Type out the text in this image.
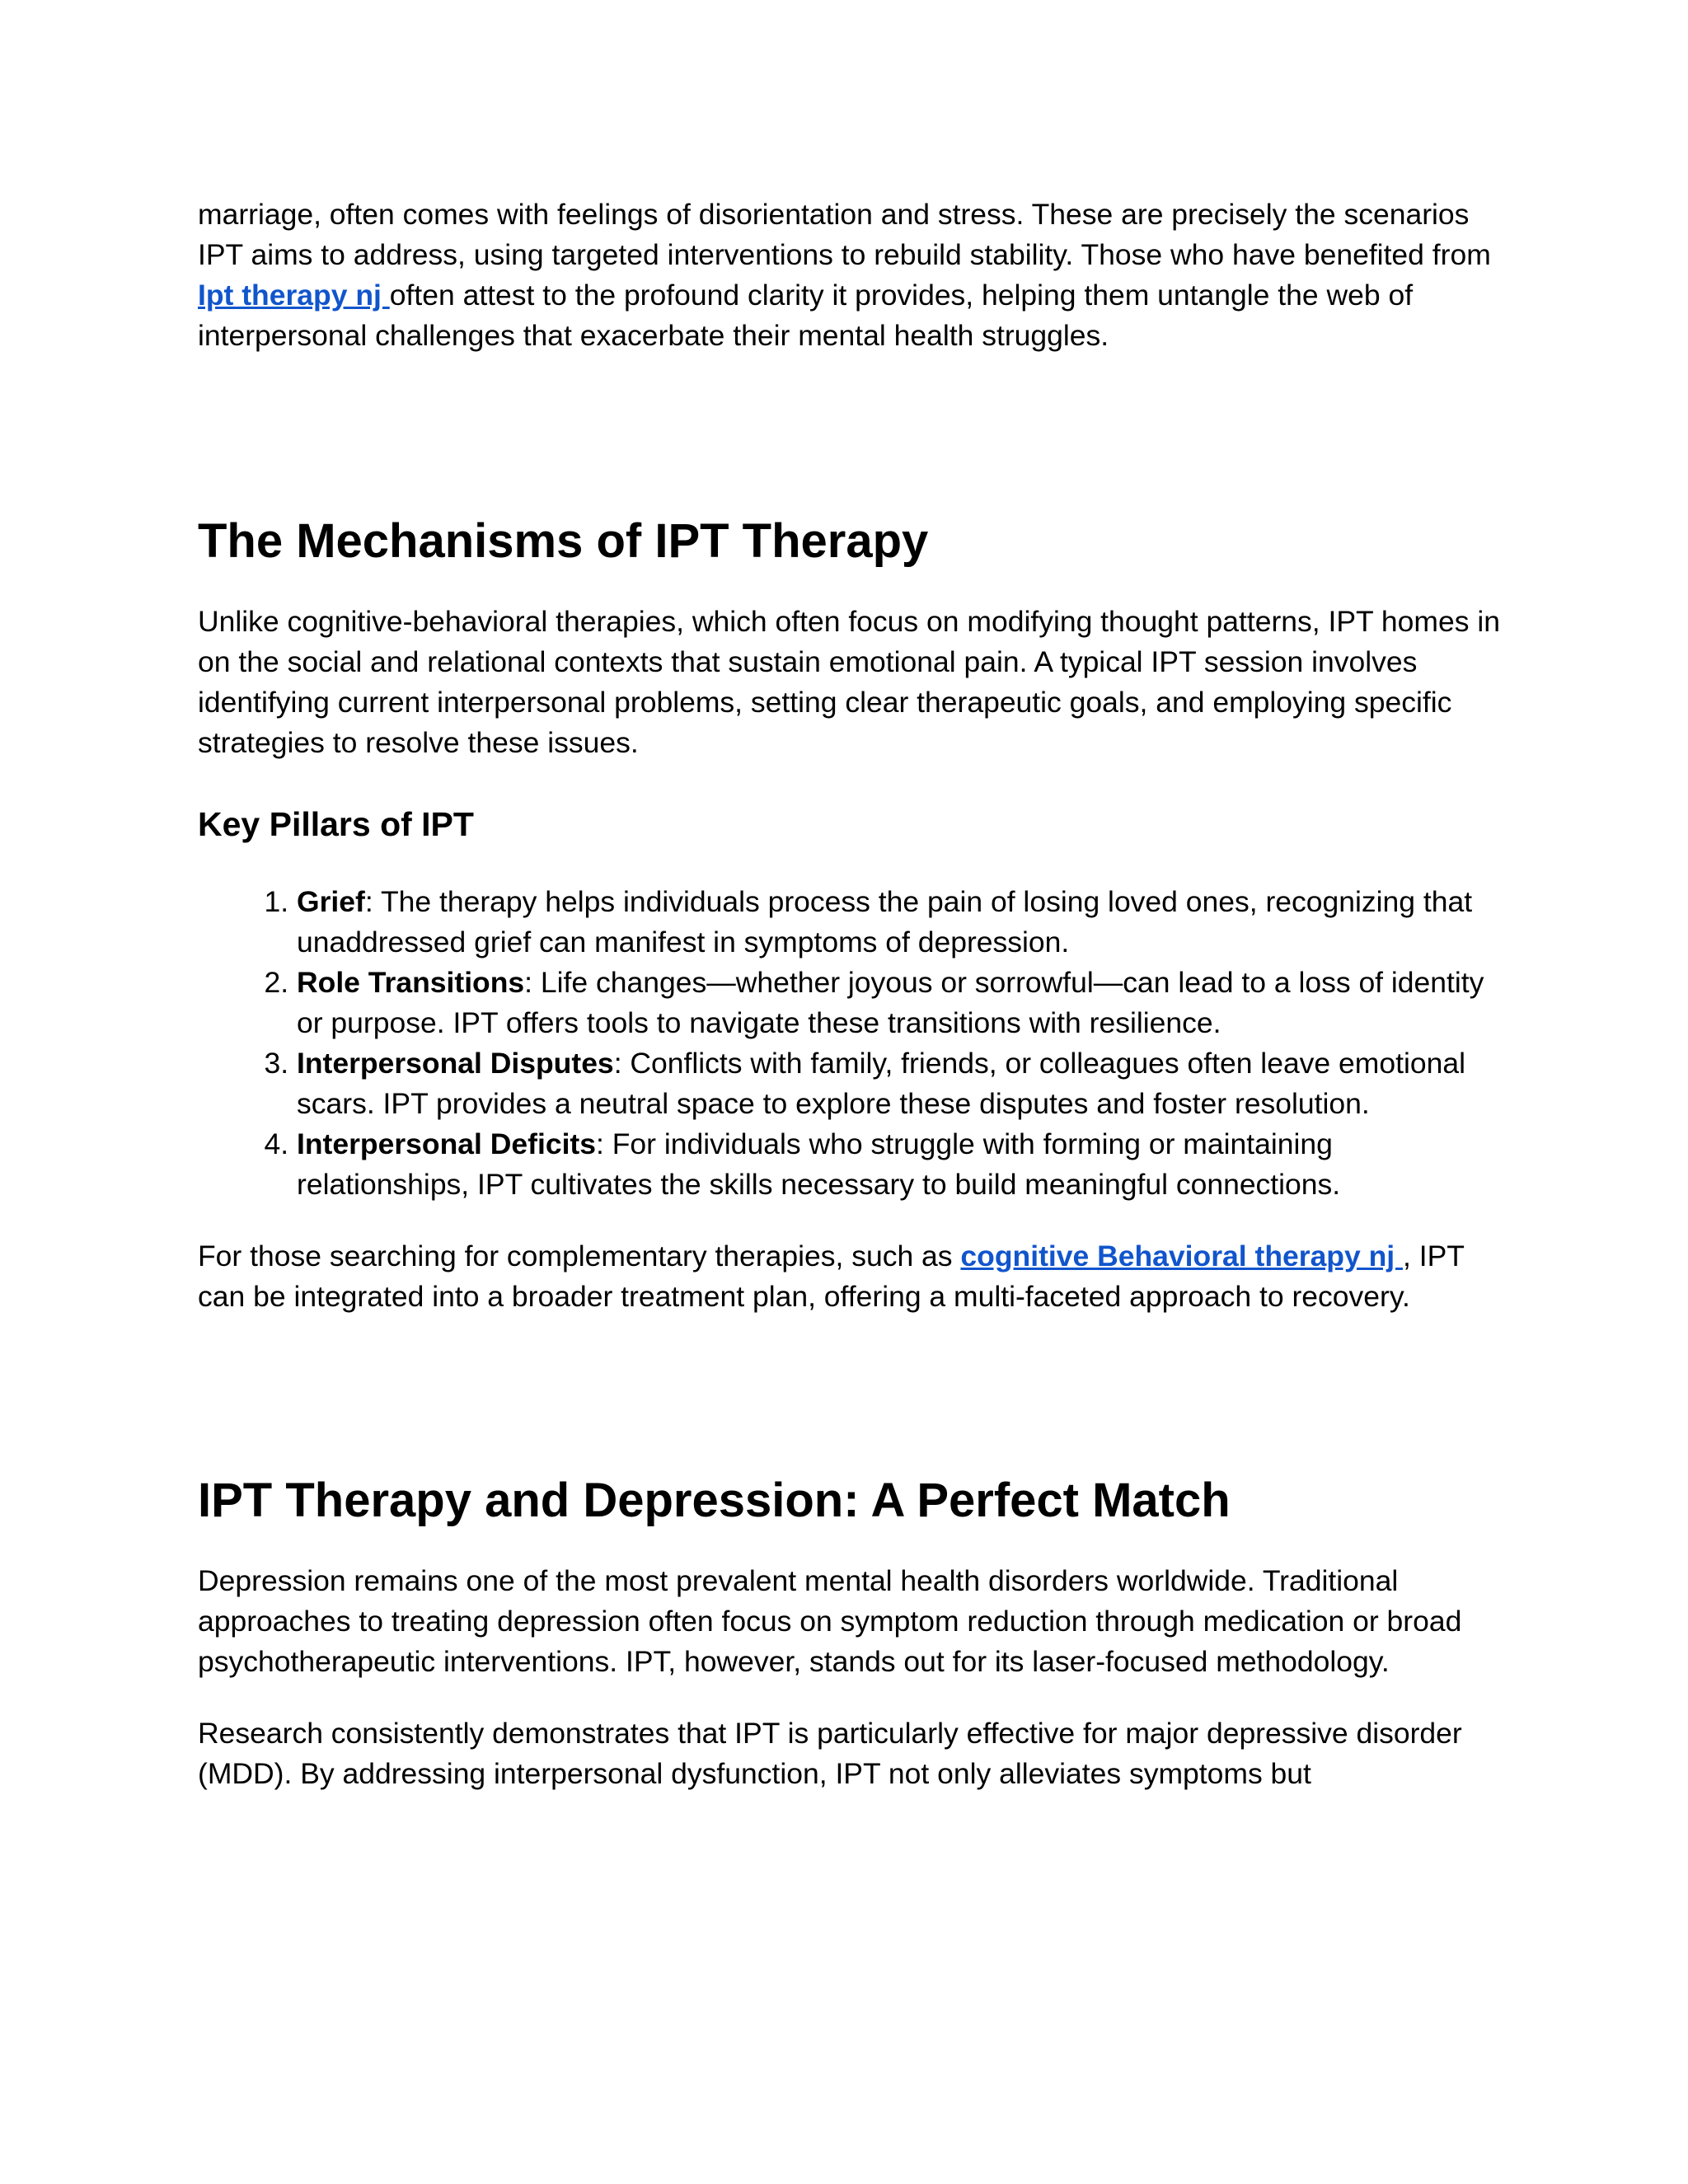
marriage, often comes with feelings of disorientation and stress. These are precisely the scenarios IPT aims to address, using targeted interventions to rebuild stability. Those who have benefited from Ipt therapy nj often attest to the profound clarity it provides, helping them untangle the web of interpersonal challenges that exacerbate their mental health struggles.

The Mechanisms of IPT Therapy

Unlike cognitive-behavioral therapies, which often focus on modifying thought patterns, IPT homes in on the social and relational contexts that sustain emotional pain. A typical IPT session involves identifying current interpersonal problems, setting clear therapeutic goals, and employing specific strategies to resolve these issues.

Key Pillars of IPT
1. Grief: The therapy helps individuals process the pain of losing loved ones, recognizing that unaddressed grief can manifest in symptoms of depression.
2. Role Transitions: Life changes—whether joyous or sorrowful—can lead to a loss of identity or purpose. IPT offers tools to navigate these transitions with resilience.
3. Interpersonal Disputes: Conflicts with family, friends, or colleagues often leave emotional scars. IPT provides a neutral space to explore these disputes and foster resolution.
4. Interpersonal Deficits: For individuals who struggle with forming or maintaining relationships, IPT cultivates the skills necessary to build meaningful connections.

For those searching for complementary therapies, such as cognitive Behavioral therapy nj , IPT can be integrated into a broader treatment plan, offering a multi-faceted approach to recovery.

IPT Therapy and Depression: A Perfect Match

Depression remains one of the most prevalent mental health disorders worldwide. Traditional approaches to treating depression often focus on symptom reduction through medication or broad psychotherapeutic interventions. IPT, however, stands out for its laser-focused methodology.

Research consistently demonstrates that IPT is particularly effective for major depressive disorder (MDD). By addressing interpersonal dysfunction, IPT not only alleviates symptoms but
